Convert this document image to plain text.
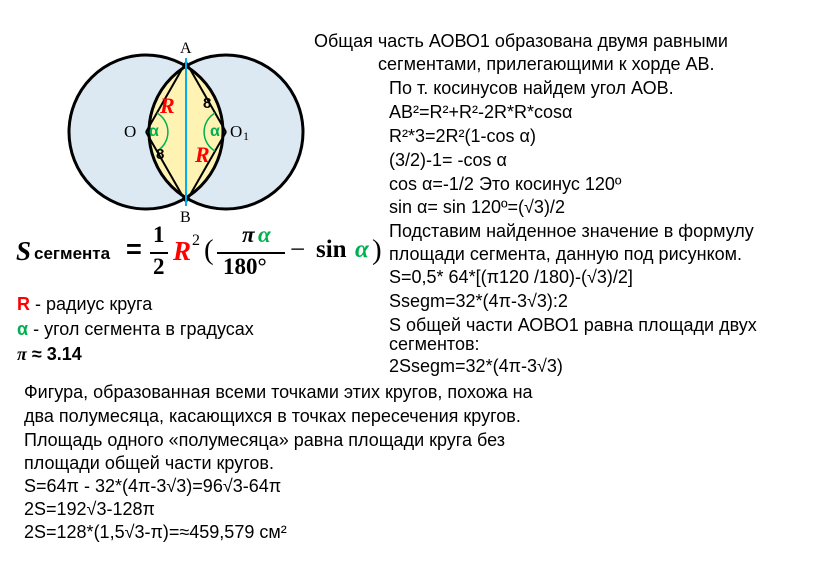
A
B
O	O 1
R
R
α	α
8
8
S сегмента = 1
2
R 2 ( π α
180°
− sin α )
R - радиус круга
α - угол сегмента в градусах
π ≈ 3.14
Общая часть АОВО1 образована двумя равными
сегментами, прилегающими к хорде АВ.
По т. косинусов найдем угол АОВ.
AB²=R²+R²-2R*R*cosα
R²*3=2R²(1-cos α)
(3/2)-1= -cos α
cos α=-1/2 Это косинус 120º
sin α= sin 120º=(√3)/2
Подставим найденное значение в формулу
площади сегмента, данную под рисунком.
S=0,5* 64*[(π120 /180)-(√3)/2]
Ssegm=32*(4π-3√3):2
S общей части АОВО1 равна площади двух
сегментов:
2Ssegm=32*(4π-3√3)
Фигура, образованная всеми точками этих кругов, похожа на
два полумесяца, касающихся в точках пересечения кругов.
Площадь одного «полумесяца» равна площади круга без
площади общей части кругов.
S=64π - 32*(4π-3√3)=96√3-64π
2S=192√3-128π
2S=128*(1,5√3-π)=≈459,579 см²
